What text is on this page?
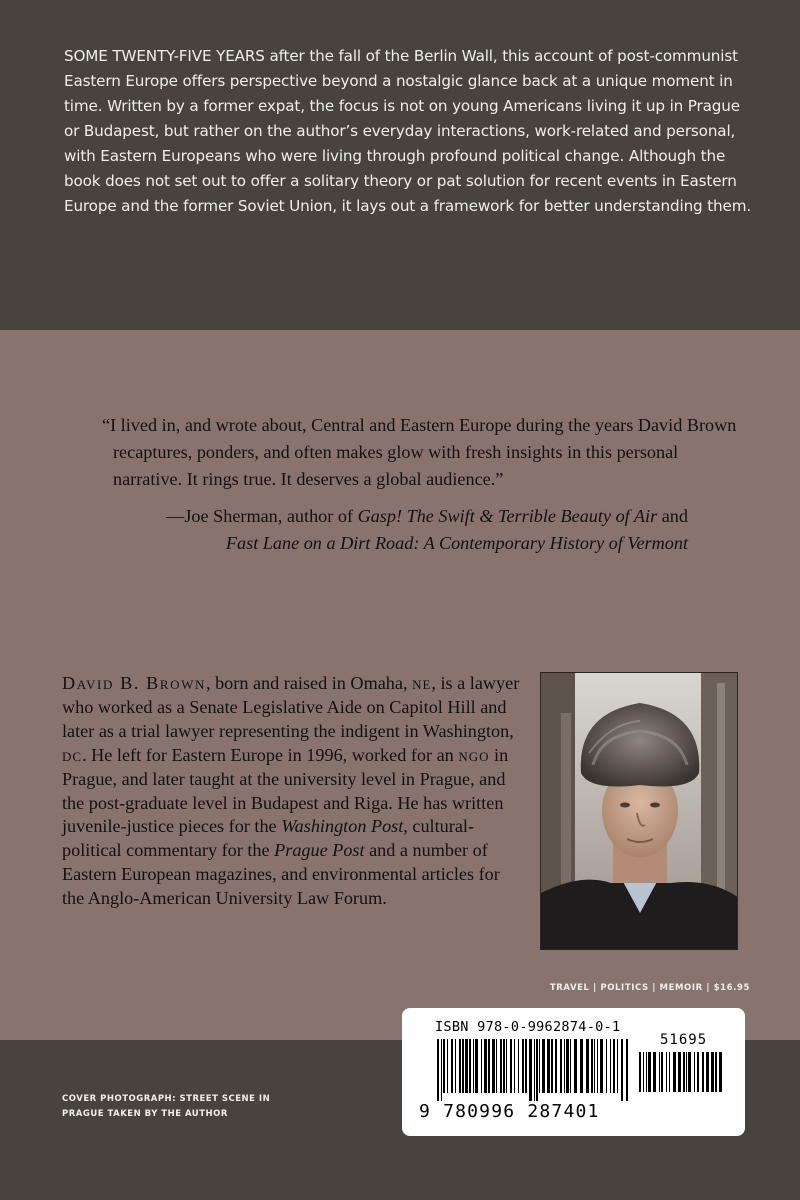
SOME TWENTY-FIVE YEARS after the fall of the Berlin Wall, this account of post-communist Eastern Europe offers perspective beyond a nostalgic glance back at a unique moment in time. Written by a former expat, the focus is not on young Americans living it up in Prague or Budapest, but rather on the author’s everyday interactions, work-related and personal, with Eastern Europeans who were living through profound political change. Although the book does not set out to offer a solitary theory or pat solution for recent events in Eastern Europe and the former Soviet Union, it lays out a framework for better understanding them.

“I lived in, and wrote about, Central and Eastern Europe during the years David Brown recaptures, ponders, and often makes glow with fresh insights in this personal narrative. It rings true. It deserves a global audience.”

—Joe Sherman, author of Gasp! The Swift & Terrible Beauty of Air and
Fast Lane on a Dirt Road: A Contemporary History of Vermont

David B. Brown, born and raised in Omaha, ne, is a lawyer who worked as a Senate Legislative Aide on Capitol Hill and later as a trial lawyer representing the indigent in Washington, dc. He left for Eastern Europe in 1996, worked for an ngo in Prague, and later taught at the university level in Prague, and the post-graduate level in Budapest and Riga. He has written juvenile-justice pieces for the Washington Post, cultural-political commentary for the Prague Post and a number of Eastern European magazines, and environmental articles for the Anglo-American University Law Forum.

TRAVEL | POLITICS | MEMOIR | $16.95

COVER PHOTOGRAPH: STREET SCENE IN PRAGUE TAKEN BY THE AUTHOR

ISBN 978-0-9962874-0-1
51695
9 780996 287401
